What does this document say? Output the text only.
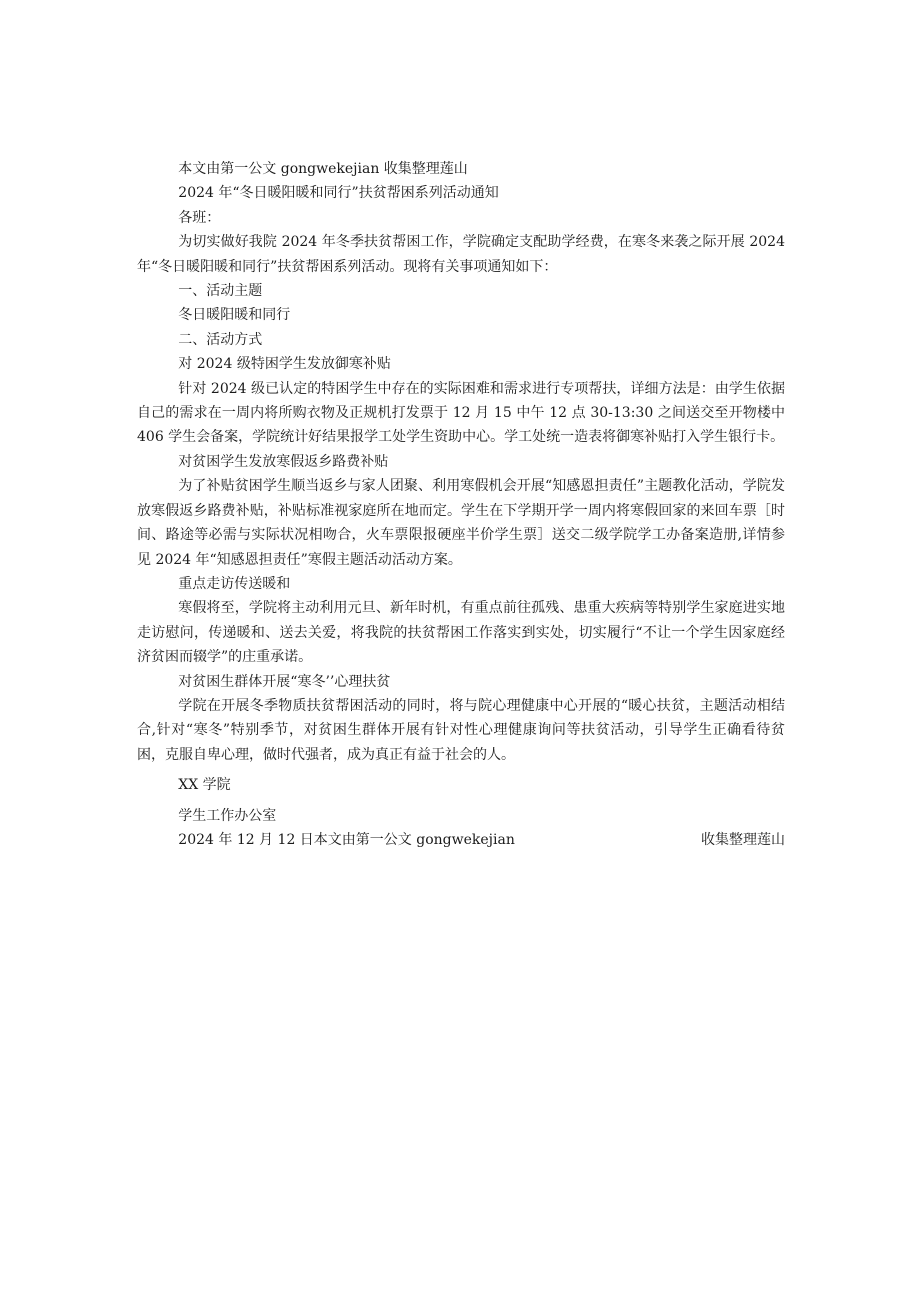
本文由第一公文 gongwekejian 收集整理莲山

2024 年“冬日暖阳暖和同行”扶贫帮困系列活动通知

各班：

为切实做好我院 2024 年冬季扶贫帮困工作，学院确定支配助学经费，在寒冬来袭之际开展 2024 年“冬日暖阳暖和同行”扶贫帮困系列活动。现将有关事项通知如下：

一、活动主题

冬日暖阳暖和同行

二、活动方式

对 2024 级特困学生发放御寒补贴

针对 2024 级已认定的特困学生中存在的实际困难和需求进行专项帮扶，详细方法是：由学生依据自己的需求在一周内将所购衣物及正规机打发票于 12 月 15 中午 12 点 30-13:30 之间送交至开物楼中 406 学生会备案，学院统计好结果报学工处学生资助中心。学工处统一造表将御寒补贴打入学生银行卡。

对贫困学生发放寒假返乡路费补贴

为了补贴贫困学生顺当返乡与家人团聚、利用寒假机会开展“知感恩担责任”主题教化活动，学院发放寒假返乡路费补贴，补贴标准视家庭所在地而定。学生在下学期开学一周内将寒假回家的来回车票［时间、路途等必需与实际状况相吻合，火车票限报硬座半价学生票］送交二级学院学工办备案造册,详情参见 2024 年“知感恩担责任”寒假主题活动活动方案。

重点走访传送暖和

寒假将至，学院将主动利用元旦、新年时机，有重点前往孤残、患重大疾病等特别学生家庭进实地走访慰问，传递暖和、送去关爱，将我院的扶贫帮困工作落实到实处，切实履行“不让一个学生因家庭经济贫困而辍学”的庄重承诺。

对贫困生群体开展“寒冬’’心理扶贫

学院在开展冬季物质扶贫帮困活动的同时，将与院心理健康中心开展的“暖心扶贫，主题活动相结合,针对“寒冬”特别季节，对贫困生群体开展有针对性心理健康询问等扶贫活动，引导学生正确看待贫困，克服自卑心理，做时代强者，成为真正有益于社会的人。

XX 学院

学生工作办公室

2024 年 12 月 12 日本文由第一公文 gongwekejian	收集整理莲山
